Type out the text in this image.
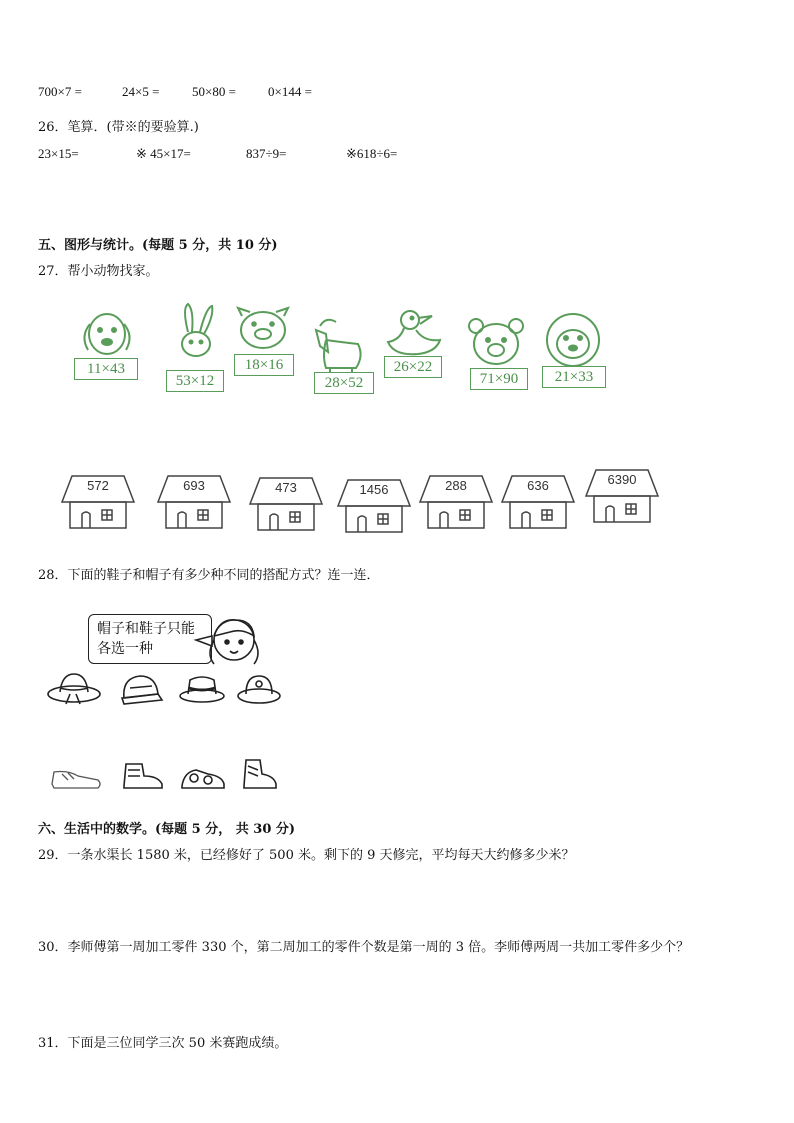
700×7 =	24×5 =	50×80 = 0×144 =
26．笔算．(带※的要验算.)
23×15=	※ 45×17=	837÷9=	※618÷6=
五、图形与统计。(每题 5 分，共 10 分)
27．帮小动物找家。
11×43
53×12
18×16
28×52
26×22
71×90	21×33
572	693	473	1456	288	636	6390
28．下面的鞋子和帽子有多少种不同的搭配方式？连一连．
帽子和鞋子只能
各选一种
六、生活中的数学。(每题 5 分， 共 30 分)
29．一条水渠长 1580 米，已经修好了 500 米。剩下的 9 天修完，平均每天大约修多少米？
30．李师傅第一周加工零件 330 个，第二周加工的零件个数是第一周的 3 倍。李师傅两周一共加工零件多少个？
31．下面是三位同学三次 50 米赛跑成绩。
